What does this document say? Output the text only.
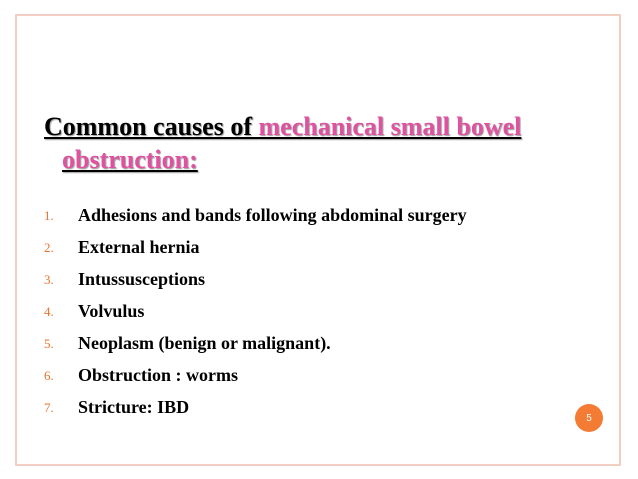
Common causes of mechanical small bowel
obstruction:
1. Adhesions and bands following abdominal surgery
2. External hernia
3. Intussusceptions
4. Volvulus
5. Neoplasm (benign or malignant).
6. Obstruction : worms
7. Stricture: IBD
5
